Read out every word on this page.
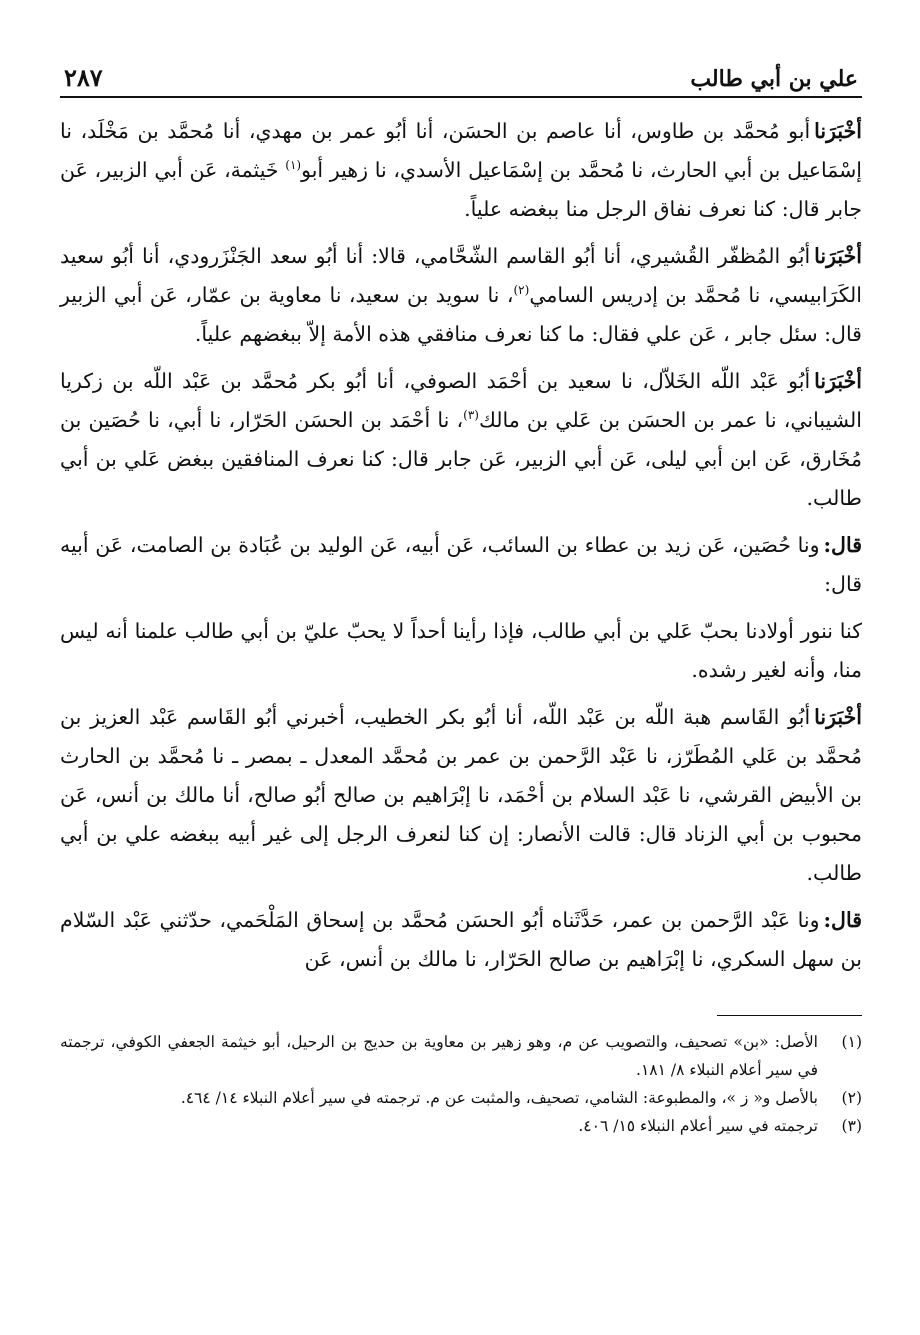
علي بن أبي طالب
٢٨٧

أخْبَرَناأبو مُحمَّد بن طاوس، أنا عاصم بن الحسَن، أنا أبُو عمر بن مهدي، أنا مُحمَّد بن مَخْلَد، نا إسْمَاعيل بن أبي الحارث، نا مُحمَّد بن إسْمَاعيل الأسدي، نا زهير أبو$^{(١)}$ خَيثمة، عَن أبي الزبير، عَن جابر قال: كنا نعرف نفاق الرجل منا ببغضه علياً.

أخْبَرَناأبُو المُظفّر القُشيري، أنا أبُو القاسم الشّحَّامي، قالا: أنا أبُو سعد الجَنْزَرودي، أنا أبُو سعيد الكَرَابيسي، نا مُحمَّد بن إدريس السامي$^{(٢)}$، نا سويد بن سعيد، نا معاوية بن عمّار، عَن أبي الزبير قال: سئل جابر ، عَن علي فقال: ما كنا نعرف منافقي هذه الأمة إلاّ ببغضهم علياً.

أخْبَرَناأبُو عَبْد اللّه الخَلاّل، نا سعيد بن أحْمَد الصوفي، أنا أبُو بكر مُحمَّد بن عَبْد اللّه بن زكريا الشيباني، نا عمر بن الحسَن بن عَلي بن مالك$^{(٣)}$، نا أحْمَد بن الحسَن الحَرّار، نا أبي، نا حُصَين بن مُخَارق، عَن ابن أبي ليلى، عَن أبي الزبير، عَن جابر قال: كنا نعرف المنافقين ببغض عَلي بن أبي طالب.

قال:ونا حُصَين، عَن زيد بن عطاء بن السائب، عَن أبيه، عَن الوليد بن عُبَادة بن الصامت، عَن أبيه قال:

كنا ننور أولادنا بحبّ عَلي بن أبي طالب، فإذا رأينا أحداً لا يحبّ عليّ بن أبي طالب علمنا أنه ليس منا، وأنه لغير رشده.

أخْبَرَناأبُو القَاسم هبة اللّه بن عَبْد اللّه، أنا أبُو بكر الخطيب، أخبرني أبُو القَاسم عَبْد العزيز بن مُحمَّد بن عَلي المُطَرّز، نا عَبْد الرَّحمن بن عمر بن مُحمَّد المعدل ـ بمصر ـ نا مُحمَّد بن الحارث بن الأبيض القرشي، نا عَبْد السلام بن أحْمَد، نا إبْرَاهيم بن صالح أبُو صالح، أنا مالك بن أنس، عَن محبوب بن أبي الزناد قال: قالت الأنصار: إن كنا لنعرف الرجل إلى غير أبيه ببغضه علي بن أبي طالب.

قال:ونا عَبْد الرَّحمن بن عمر، حَدَّثَناه أبُو الحسَن مُحمَّد بن إسحاق المَلْحَمي، حدّثني عَبْد السّلام بن سهل السكري، نا إبْرَاهيم بن صالح الحَرّار، نا مالك بن أنس، عَن

(١)
الأصل: «بن» تصحيف، والتصويب عن م، وهو زهير بن معاوية بن حديج بن الرحيل، أبو خيثمة الجعفي الكوفي، ترجمته في سير أعلام النبلاء ٨/ ١٨١.
(٢)
بالأصل و« ز »، والمطبوعة: الشامي، تصحيف، والمثبت عن م. ترجمته في سير أعلام النبلاء ١٤/ ٤٦٤.
(٣)
ترجمته في سير أعلام النبلاء ١٥/ ٤٠٦.
